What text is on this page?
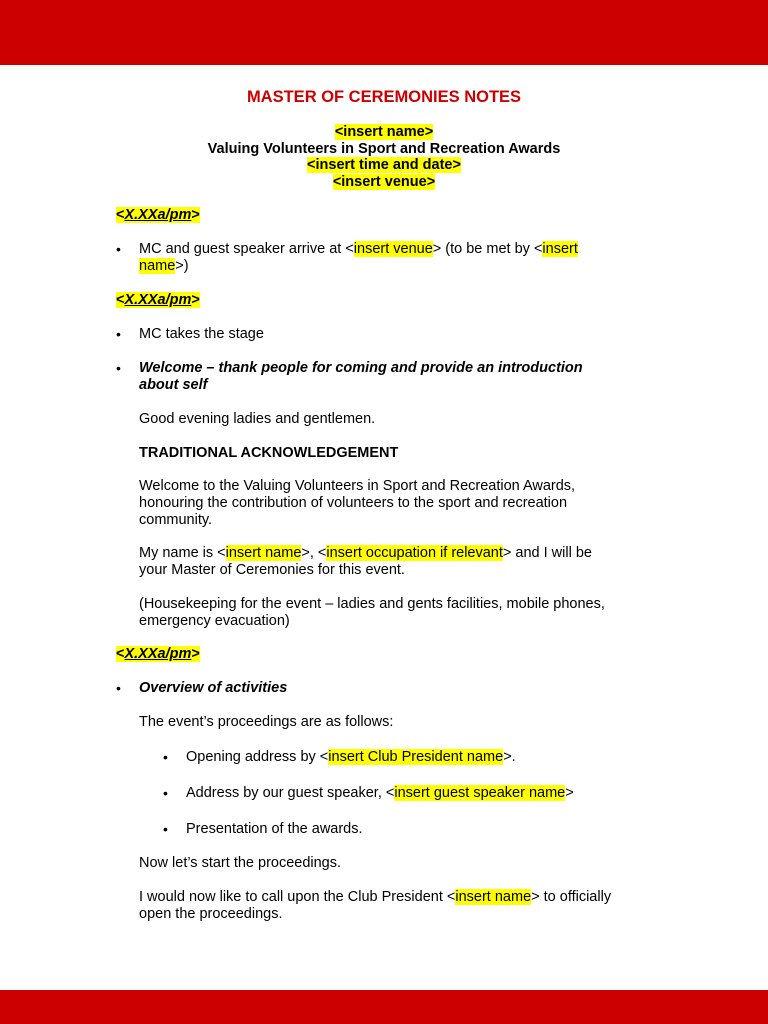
MASTER OF CEREMONIES NOTES
<insert name>
Valuing Volunteers in Sport and Recreation Awards
<insert time and date>
<insert venue>
<X.XXa/pm>
• MC and guest speaker arrive at <insert venue> (to be met by <insert
name>)
<X.XXa/pm>
• MC takes the stage
• Welcome – thank people for coming and provide an introduction
about self
Good evening ladies and gentlemen.
TRADITIONAL ACKNOWLEDGEMENT
Welcome to the Valuing Volunteers in Sport and Recreation Awards,
honouring the contribution of volunteers to the sport and recreation
community.
My name is <insert name>, <insert occupation if relevant> and I will be
your Master of Ceremonies for this event.
(Housekeeping for the event – ladies and gents facilities, mobile phones,
emergency evacuation)
<X.XXa/pm>
• Overview of activities
The event’s proceedings are as follows:
• Opening address by <insert Club President name>.
• Address by our guest speaker, <insert guest speaker name>
• Presentation of the awards.
Now let’s start the proceedings.
I would now like to call upon the Club President <insert name> to officially
open the proceedings.
